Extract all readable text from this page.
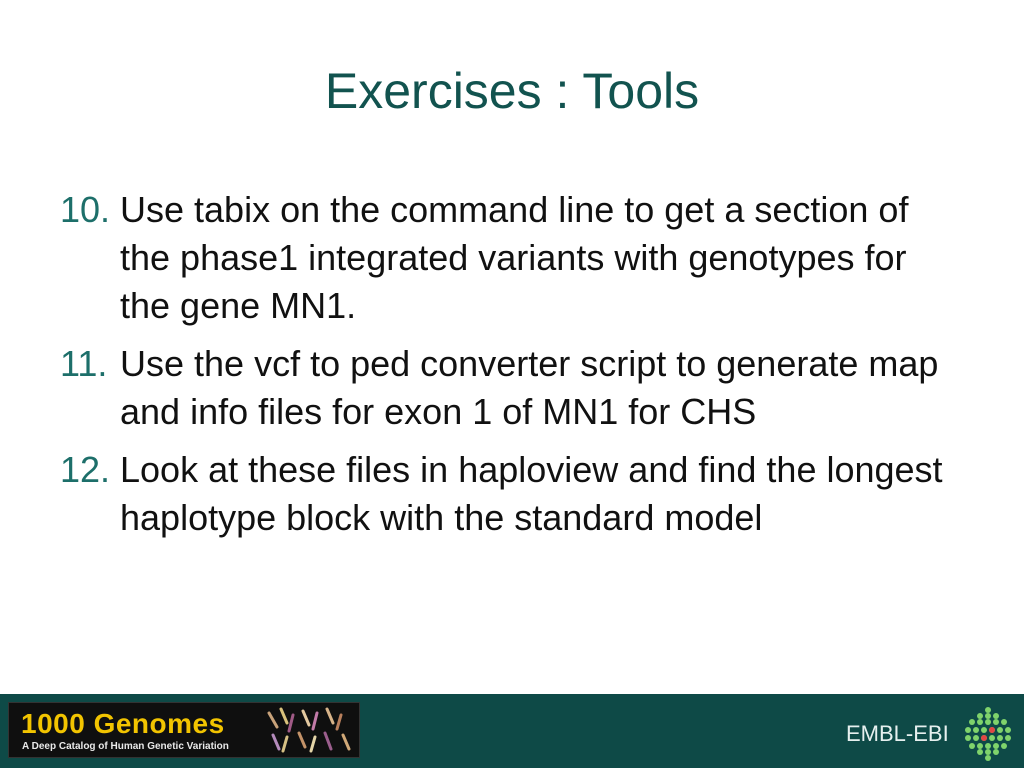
Exercises : Tools
10. Use tabix on the command line to get a section of the phase1 integrated variants with genotypes for the gene MN1.
11. Use the vcf to ped converter script to generate map and info files for exon 1 of MN1 for CHS
12. Look at these files in haploview and find the longest haplotype block with the standard model
1000 Genomes
A Deep Catalog of Human Genetic Variation
EMBL-EBI
